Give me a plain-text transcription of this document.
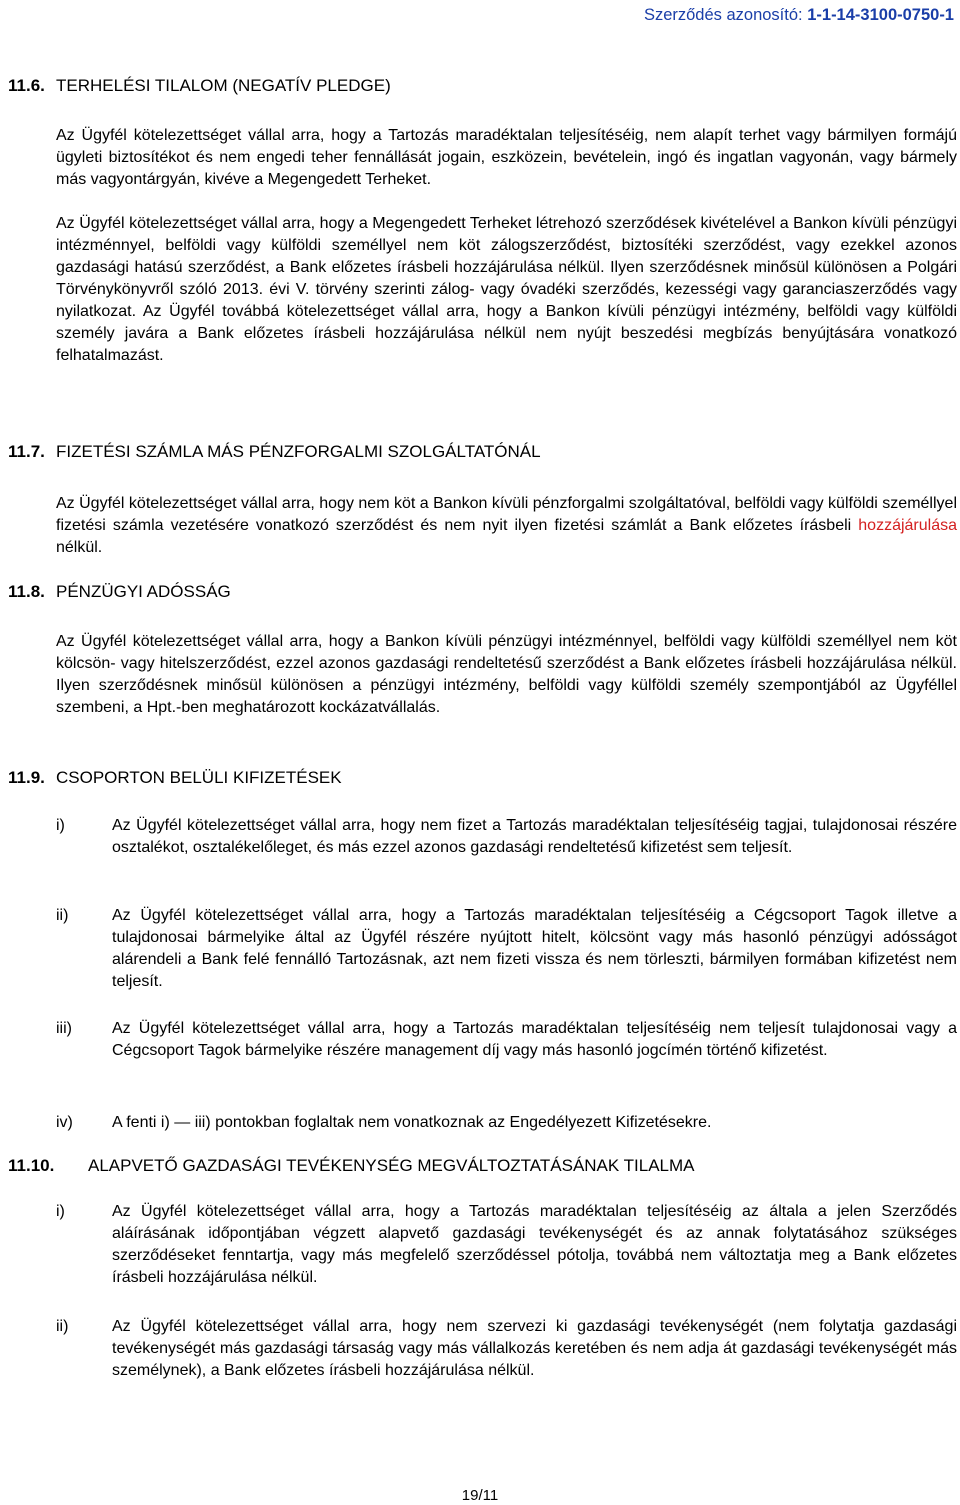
Szerződés azonosító: 1-1-14-3100-0750-1
11.6. TERHELÉSI TILALOM (NEGATÍV PLEDGE)

Az Ügyfél kötelezettséget vállal arra, hogy a Tartozás maradéktalan teljesítéséig, nem alapít terhet vagy bármilyen formájú ügyleti biztosítékot és nem engedi teher fennállását jogain, eszközein, bevételein, ingó és ingatlan vagyonán, vagy bármely más vagyontárgyán, kivéve a Megengedett Terheket.

Az Ügyfél kötelezettséget vállal arra, hogy a Megengedett Terheket létrehozó szerződések kivételével a Bankon kívüli pénzügyi intézménnyel, belföldi vagy külföldi személlyel nem köt zálogszerződést, biztosítéki szerződést, vagy ezekkel azonos gazdasági hatású szerződést, a Bank előzetes írásbeli hozzájárulása nélkül. Ilyen szerződésnek minősül különösen a Polgári Törvénykönyvről szóló 2013. évi V. törvény szerinti zálog- vagy óvadéki szerződés, kezességi vagy garanciaszerződés vagy nyilatkozat. Az Ügyfél továbbá kötelezettséget vállal arra, hogy a Bankon kívüli pénzügyi intézmény, belföldi vagy külföldi személy javára a Bank előzetes írásbeli hozzájárulása nélkül nem nyújt beszedési megbízás benyújtására vonatkozó felhatalmazást.

11.7. FIZETÉSI SZÁMLA MÁS PÉNZFORGALMI SZOLGÁLTATÓNÁL

Az Ügyfél kötelezettséget vállal arra, hogy nem köt a Bankon kívüli pénzforgalmi szolgáltatóval, belföldi vagy külföldi személlyel fizetési számla vezetésére vonatkozó szerződést és nem nyit ilyen fizetési számlát a Bank előzetes írásbeli hozzájárulása nélkül.

11.8. PÉNZÜGYI ADÓSSÁG

Az Ügyfél kötelezettséget vállal arra, hogy a Bankon kívüli pénzügyi intézménnyel, belföldi vagy külföldi személlyel nem köt kölcsön- vagy hitelszerződést, ezzel azonos gazdasági rendeltetésű szerződést a Bank előzetes írásbeli hozzájárulása nélkül. Ilyen szerződésnek minősül különösen a pénzügyi intézmény, belföldi vagy külföldi személy szempontjából az Ügyféllel szembeni, a Hpt.-ben meghatározott kockázatvállalás.

11.9. CSOPORTON BELÜLI KIFIZETÉSEK
i)	Az Ügyfél kötelezettséget vállal arra, hogy nem fizet a Tartozás maradéktalan teljesítéséig tagjai, tulajdonosai részére osztalékot, osztalékelőleget, és más ezzel azonos gazdasági rendeltetésű kifizetést sem teljesít.

ii)	Az Ügyfél kötelezettséget vállal arra, hogy a Tartozás maradéktalan teljesítéséig a Cégcsoport Tagok illetve a tulajdonosai bármelyike által az Ügyfél részére nyújtott hitelt, kölcsönt vagy más hasonló pénzügyi adósságot alárendeli a Bank felé fennálló Tartozásnak, azt nem fizeti vissza és nem törleszti, bármilyen formában kifizetést nem teljesít.

iii)	Az Ügyfél kötelezettséget vállal arra, hogy a Tartozás maradéktalan teljesítéséig nem teljesít tulajdonosai vagy a Cégcsoport Tagok bármelyike részére management díj vagy más hasonló jogcímén történő kifizetést.

iv) A fenti i) — iii) pontokban foglaltak nem vonatkoznak az Engedélyezett Kifizetésekre.

11.10. ALAPVETŐ GAZDASÁGI TEVÉKENYSÉG MEGVÁLTOZTATÁSÁNAK TILALMA
i)	Az Ügyfél kötelezettséget vállal arra, hogy a Tartozás maradéktalan teljesítéséig az általa a jelen Szerződés aláírásának időpontjában végzett alapvető gazdasági tevékenységét és az annak folytatásához szükséges szerződéseket fenntartja, vagy más megfelelő szerződéssel pótolja, továbbá nem változtatja meg a Bank előzetes írásbeli hozzájárulása nélkül.

ii)	Az Ügyfél kötelezettséget vállal arra, hogy nem szervezi ki gazdasági tevékenységét (nem folytatja gazdasági tevékenységét más gazdasági társaság vagy más vállalkozás keretében és nem adja át gazdasági tevékenységét más személynek), a Bank előzetes írásbeli hozzájárulása nélkül.

19/11
